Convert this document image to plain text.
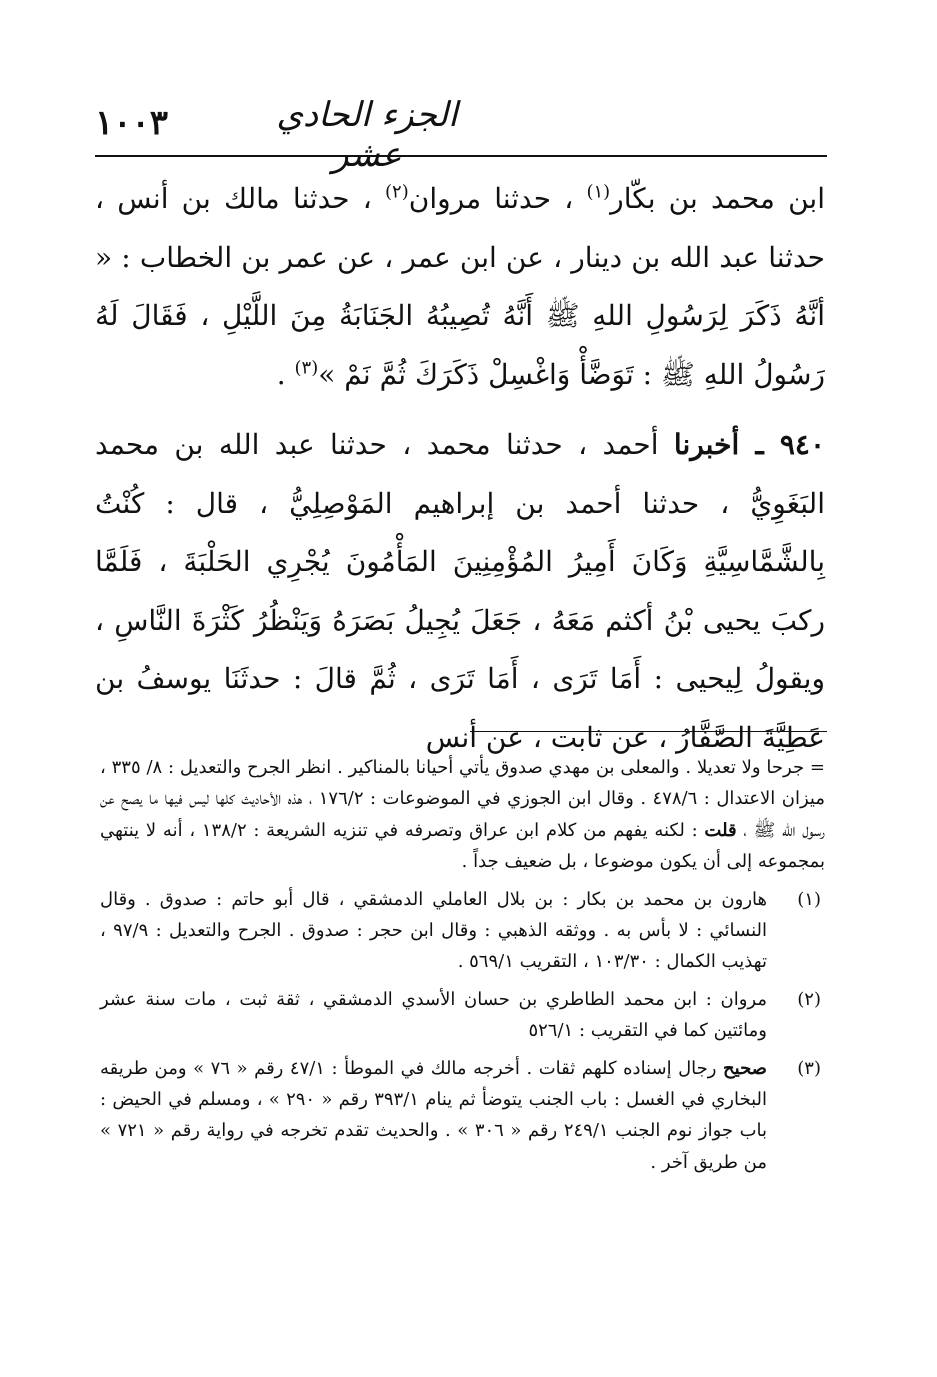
الجزء الحادي عشر
١٠٠٣

ابن محمد بن بكّار$^{(١)}$ ، حدثنا مروان$^{(٢)}$ ، حدثنا مالك بن أنس ، حدثنا عبد الله بن دينار ، عن ابن عمر ، عن عمر بن الخطاب : « أنَّهُ ذَكَرَ لِرَسُولِ اللهِ ﷺ أَنَّهُ تُصِيبُهُ الجَنَابَةُ مِنَ اللَّيْلِ ، فَقَالَ لَهُ رَسُولُ اللهِ ﷺ : تَوَضَّأْ وَاغْسِلْ ذَكَرَكَ ثُمَّ نَمْ »$^{(٣)}$ .

٩٤٠ ـ أخبرنا أحمد ، حدثنا محمد ، حدثنا عبد الله بن محمد البَغَوِيُّ ، حدثنا أحمد بن إبراهيم المَوْصِلِيُّ ، قال : كُنْتُ بِالشَّمَّاسِيَّةِ وَكَانَ أَمِيرُ المُؤْمِنِينَ المَأْمُونَ يُجْرِي الحَلْبَةَ ، فَلَمَّا ركبَ يحيى بْنُ أكثم مَعَهُ ، جَعَلَ يُجِيلُ بَصَرَهُ وَيَنْظُرُ كَثْرَةَ النَّاسِ ، ويقولُ لِيحيى : أَمَا تَرَى ، أَمَا تَرَى ، ثُمَّ قالَ : حدثَنَا يوسفُ بن عَطِيَّةَ الصَّفَّارُ ، عن ثابت ، عن أنس

= جرحا ولا تعديلا . والمعلى بن مهدي صدوق يأتي أحيانا بالمناكير . انظر الجرح والتعديل : ٨/ ٣٣٥ ، ميزان الاعتدال : ٤٧٨/٦ . وقال ابن الجوزي في الموضوعات : ١٧٦/٢ ، هذه الأحاديث كلها ليس فيها ما يصح عن رسول الله ﷺ ، قلت : لكنه يفهم من كلام ابن عراق وتصرفه في تنزيه الشريعة : ١٣٨/٢ ، أنه لا ينتهي بمجموعه إلى أن يكون موضوعا ، بل ضعيف جداً .

(١)
هارون بن محمد بن بكار : بن بلال العاملي الدمشقي ، قال أبو حاتم : صدوق . وقال النسائي : لا بأس به . ووثقه الذهبي : وقال ابن حجر : صدوق . الجرح والتعديل : ٩٧/٩ ، تهذيب الكمال : ١٠٣/٣٠ ، التقريب ٥٦٩/١ .

(٢)
مروان : ابن محمد الطاطري بن حسان الأسدي الدمشقي ، ثقة ثبت ، مات سنة عشر ومائتين كما في التقريب : ٥٢٦/١

(٣)
صحيح رجال إسناده كلهم ثقات . أخرجه مالك في الموطأ : ٤٧/١ رقم « ٧٦ » ومن طريقه البخاري في الغسل : باب الجنب يتوضأ ثم ينام ٣٩٣/١ رقم « ٢٩٠ » ، ومسلم في الحيض : باب جواز نوم الجنب ٢٤٩/١ رقم « ٣٠٦ » . والحديث تقدم تخرجه في رواية رقم « ٧٢١ » من طريق آخر .
